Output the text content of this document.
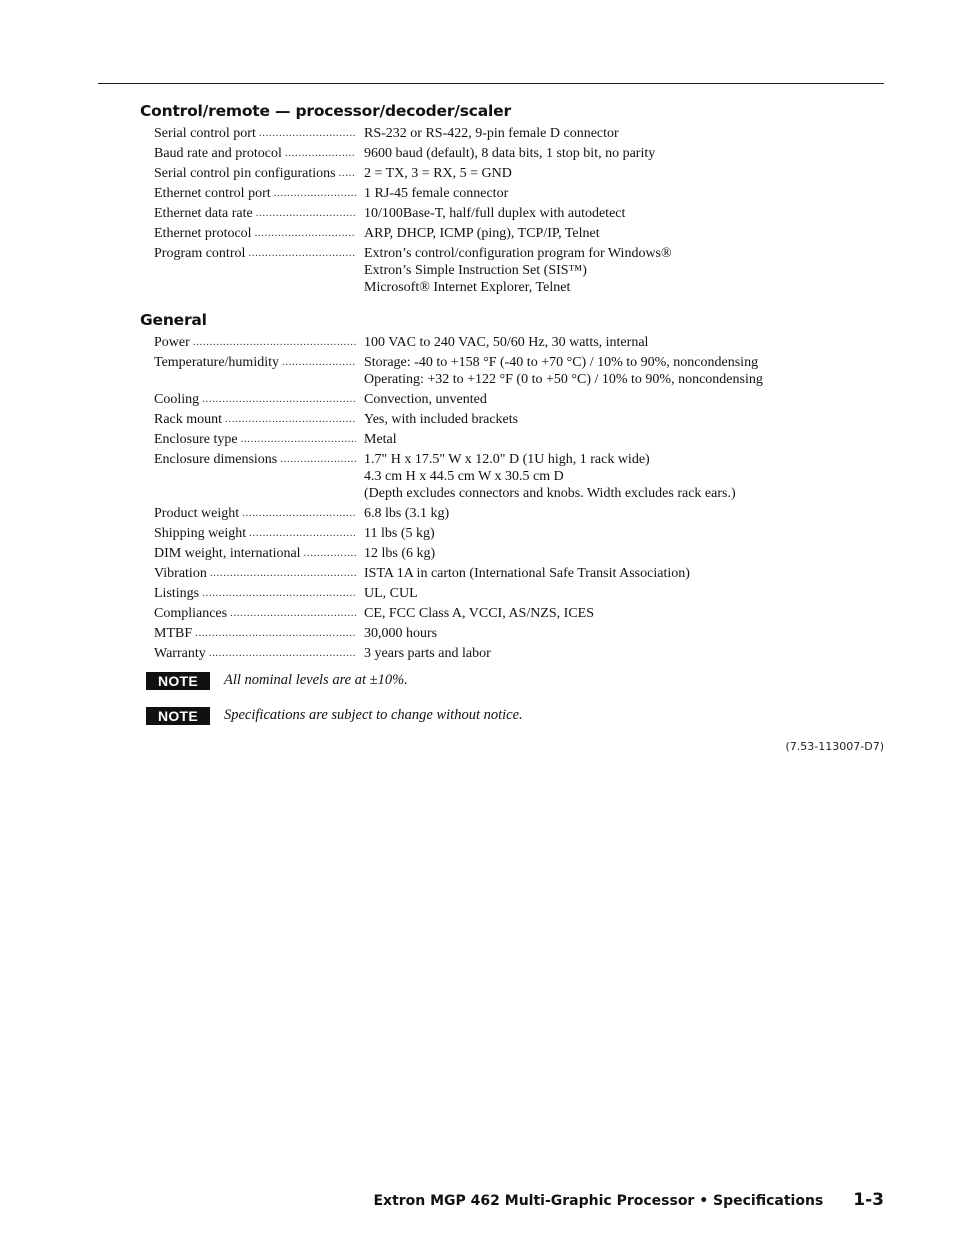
Control/remote — processor/decoder/scaler
Serial control port .....	RS-232 or RS-422, 9-pin female D connector
Baud rate and protocol .....	9600 baud (default), 8 data bits, 1 stop bit, no parity
Serial control pin configurations ..... 2 = TX, 3 = RX, 5 = GND
Ethernet control port .....	1 RJ-45 female connector
Ethernet data rate .....	10/100Base-T, half/full duplex with autodetect
Ethernet protocol .....	ARP, DHCP, ICMP (ping), TCP/IP, Telnet
Program control .....	Extron’s control/configuration program for Windows®
Extron’s Simple Instruction Set (SIS™)
Microsoft® Internet Explorer, Telnet
General
Power .....	100 VAC to 240 VAC, 50/60 Hz, 30 watts, internal
Temperature/humidity .....	Storage: -40 to +158 °F (-40 to +70 °C) / 10% to 90%, noncondensing
Operating: +32 to +122 °F (0 to +50 °C) / 10% to 90%, noncondensing
Cooling .....	Convection, unvented
Rack mount .....	Yes, with included brackets
Enclosure type .....	Metal
Enclosure dimensions .....	1.7" H x 17.5" W x 12.0" D (1U high, 1 rack wide)
4.3 cm H x 44.5 cm W x 30.5 cm D
(Depth excludes connectors and knobs. Width excludes rack ears.)
Product weight .....	6.8 lbs (3.1 kg)
Shipping weight .....	11 lbs (5 kg)
DIM weight, international .....	12 lbs (6 kg)
Vibration .....	ISTA 1A in carton (International Safe Transit Association)
Listings .....	UL, CUL
Compliances .....	CE, FCC Class A, VCCI, AS/NZS, ICES
MTBF .....	30,000 hours
Warranty .....	3 years parts and labor
NOTE	All nominal levels are at ±10%.
NOTE	Specifications are subject to change without notice.
(7.53-113007-D7)
Extron MGP 462 Multi-Graphic Processor • Specifications 1-3
